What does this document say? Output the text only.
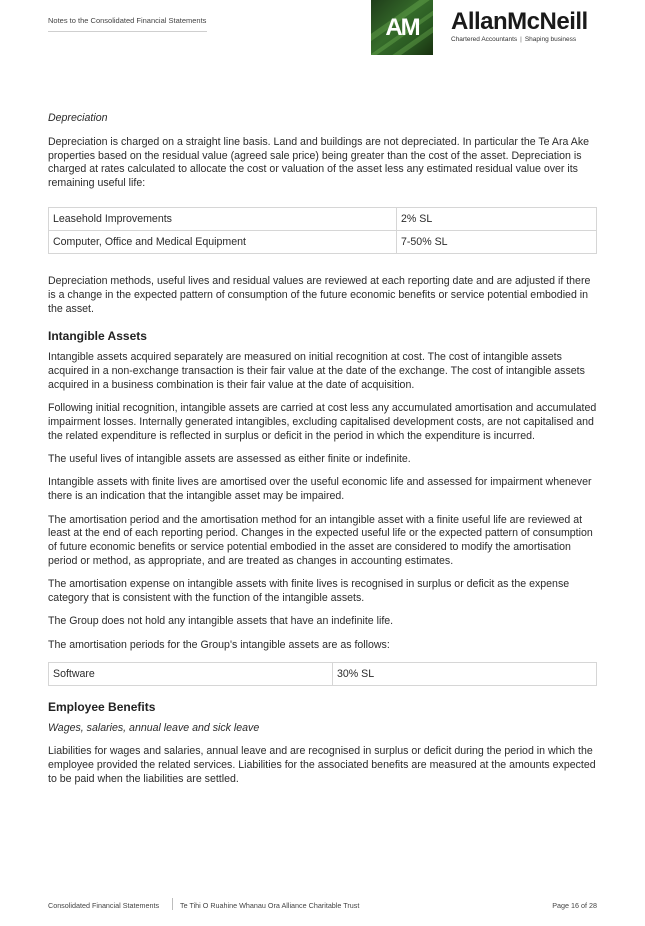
Notes to the Consolidated Financial Statements	AM	AllanMcNeill
Chartered Accountants | Shaping business

Depreciation

Depreciation is charged on a straight line basis. Land and buildings are not depreciated. In particular the Te Ara Ake properties based on the residual value (agreed sale price) being greater than the cost of the asset. Depreciation is charged at rates calculated to allocate the cost or valuation of the asset less any estimated residual value over its remaining useful life:

Leasehold Improvements	2% SL
Computer, Office and Medical Equipment	7-50% SL

Depreciation methods, useful lives and residual values are reviewed at each reporting date and are adjusted if there is a change in the expected pattern of consumption of the future economic benefits or service potential embodied in the asset.

Intangible Assets

Intangible assets acquired separately are measured on initial recognition at cost. The cost of intangible assets acquired in a non-exchange transaction is their fair value at the date of the exchange. The cost of intangible assets acquired in a business combination is their fair value at the date of acquisition.

Following initial recognition, intangible assets are carried at cost less any accumulated amortisation and accumulated impairment losses. Internally generated intangibles, excluding capitalised development costs, are not capitalised and the related expenditure is reflected in surplus or deficit in the period in which the expenditure is incurred.

The useful lives of intangible assets are assessed as either finite or indefinite.

Intangible assets with finite lives are amortised over the useful economic life and assessed for impairment whenever there is an indication that the intangible asset may be impaired.

The amortisation period and the amortisation method for an intangible asset with a finite useful life are reviewed at least at the end of each reporting period. Changes in the expected useful life or the expected pattern of consumption of future economic benefits or service potential embodied in the asset are considered to modify the amortisation period or method, as appropriate, and are treated as changes in accounting estimates.

The amortisation expense on intangible assets with finite lives is recognised in surplus or deficit as the expense category that is consistent with the function of the intangible assets.

The Group does not hold any intangible assets that have an indefinite life.

The amortisation periods for the Group's intangible assets are as follows:

Software	30% SL
Employee Benefits

Wages, salaries, annual leave and sick leave

Liabilities for wages and salaries, annual leave and are recognised in surplus or deficit during the period in which the employee provided the related services. Liabilities for the associated benefits are measured at the amounts expected to be paid when the liabilities are settled.

Consolidated Financial Statements	Te Tihi O Ruahine Whanau Ora Alliance Charitable Trust	Page 16 of 28
